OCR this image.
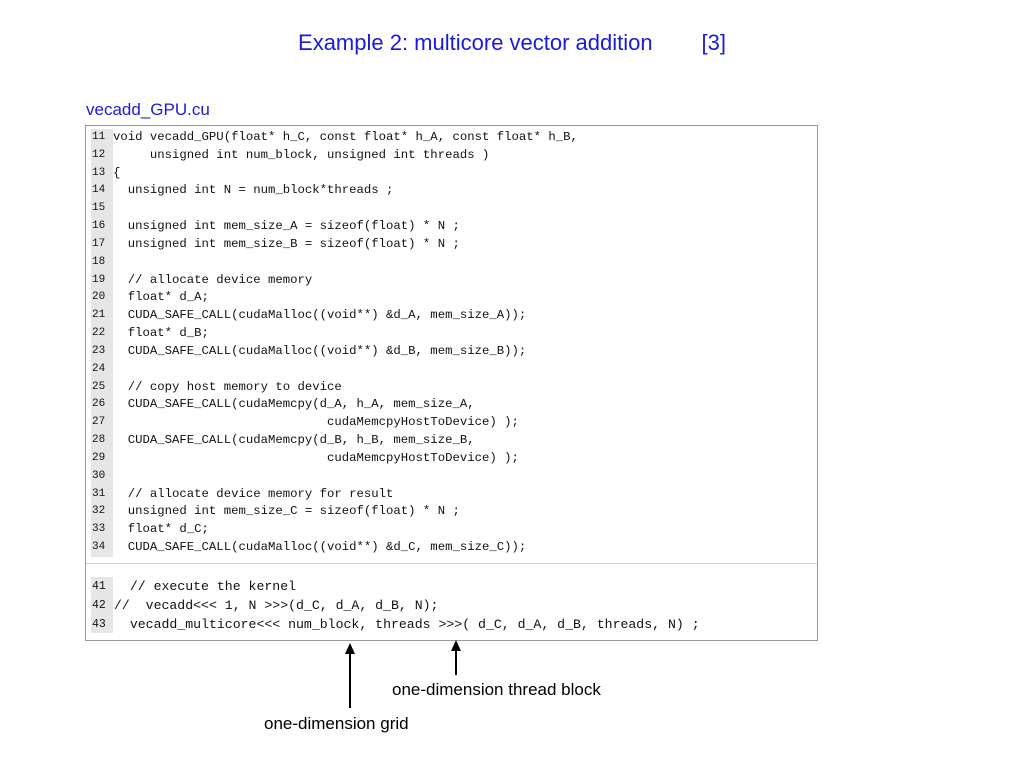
Example 2: multicore vector addition        [3]
vecadd_GPU.cu
11 void vecadd_GPU(float* h_C, const float* h_A, const float* h_B,
12 unsigned int num_block, unsigned int threads )
13 {
14 unsigned int N = num_block*threads ;
15
16 unsigned int mem_size_A = sizeof(float) * N ;
17 unsigned int mem_size_B = sizeof(float) * N ;
18
19 // allocate device memory
20 float* d_A;
21 CUDA_SAFE_CALL(cudaMalloc((void**) &d_A, mem_size_A));
22 float* d_B;
23 CUDA_SAFE_CALL(cudaMalloc((void**) &d_B, mem_size_B));
24
25 // copy host memory to device
26 CUDA_SAFE_CALL(cudaMemcpy(d_A, h_A, mem_size_A,
27 cudaMemcpyHostToDevice) );
28 CUDA_SAFE_CALL(cudaMemcpy(d_B, h_B, mem_size_B,
29 cudaMemcpyHostToDevice) );
30
31 // allocate device memory for result
32 unsigned int mem_size_C = sizeof(float) * N ;
33 float* d_C;
34 CUDA_SAFE_CALL(cudaMalloc((void**) &d_C, mem_size_C));
41 // execute the kernel
42 //  vecadd<<< 1, N >>>(d_C, d_A, d_B, N);
43 vecadd_multicore<<< num_block, threads >>>( d_C, d_A, d_B, threads, N) ;
one-dimension thread block
one-dimension grid
